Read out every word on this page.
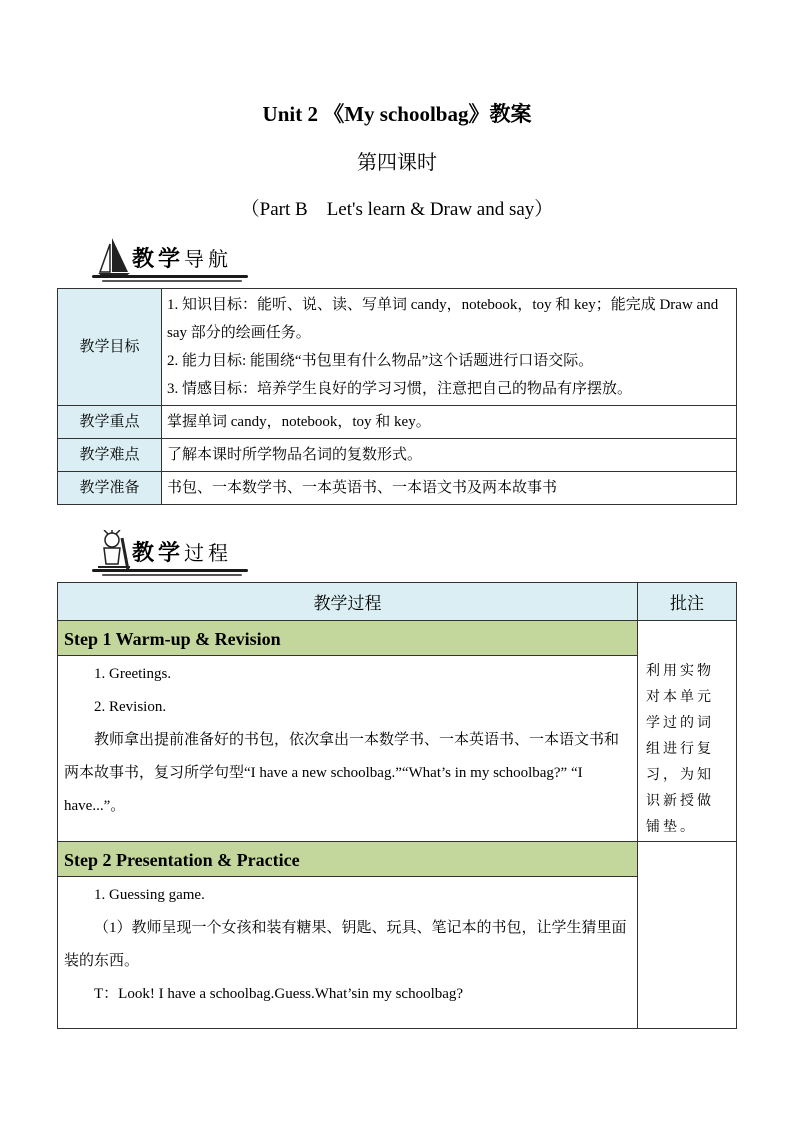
Unit 2 《My schoolbag》教案
第四课时
（Part B　Let's learn & Draw and say）
教学导航
教学目标	1. 知识目标：能听、说、读、写单词 candy，notebook，toy 和 key；能完成 Draw and say 部分的绘画任务。
2. 能力目标: 能围绕“书包里有什么物品”这个话题进行口语交际。
3. 情感目标：培养学生良好的学习习惯，注意把自己的物品有序摆放。

教学重点	掌握单词 candy，notebook，toy 和 key。
教学难点	了解本课时所学物品名词的复数形式。
教学准备	书包、一本数学书、一本英语书、一本语文书及两本故事书
教学过程
教学过程	批注

Step 1 Warm-up & Revision
1. Greetings.
2. Revision.
教师拿出提前准备好的书包，依次拿出一本数学书、一本英语书、一本语文书和两本故事书，复习所学句型“I have a new schoolbag.”“What’s in my schoolbag?” “I have...”。	利用实物对本单元学过的词组进行复习，为知识新授做铺垫。

Step 2 Presentation & Practice
1. Guessing game.
（1）教师呈现一个女孩和装有糖果、钥匙、玩具、笔记本的书包，让学生猜里面装的东西。
T：Look! I have a schoolbag.Guess.What’sin my schoolbag?	
